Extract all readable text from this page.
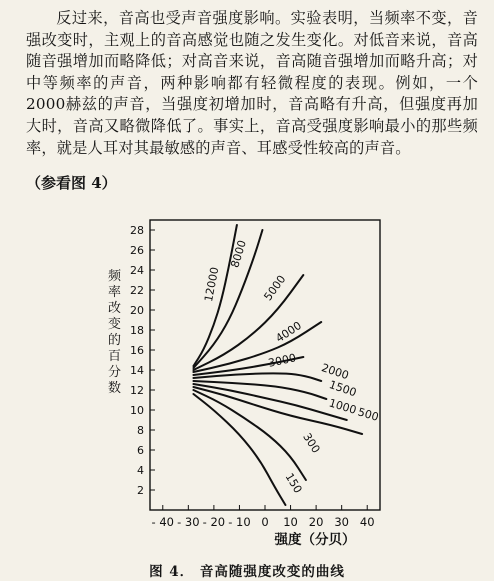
反过来，音高也受声音强度影响。实验表明，当频率不变，音强改变时，主观上的音高感觉也随之发生变化。对低音来说，音高随音强增加而略降低；对高音来说，音高随音强增加而略升高；对中等频率的声音，两种影响都有轻微程度的表现。例如，一个2000赫兹的声音，当强度初增加时，音高略有升高，但强度再加大时，音高又略微降低了。事实上，音高受强度影响最小的那些频率，就是人耳对其最敏感的声音、耳感受性较高的声音。
（参看图 4）
2
4
6
8
10
12
14
16
18
20
22
24
26
28
- 40 - 30 - 20 - 10 0 10 20 30 40
12000
8000
5000
4000
3000
2000
1500
1000
500
300
150
频率改变的百分数
强度（分贝）
图 4． 音高随强度改变的曲线
